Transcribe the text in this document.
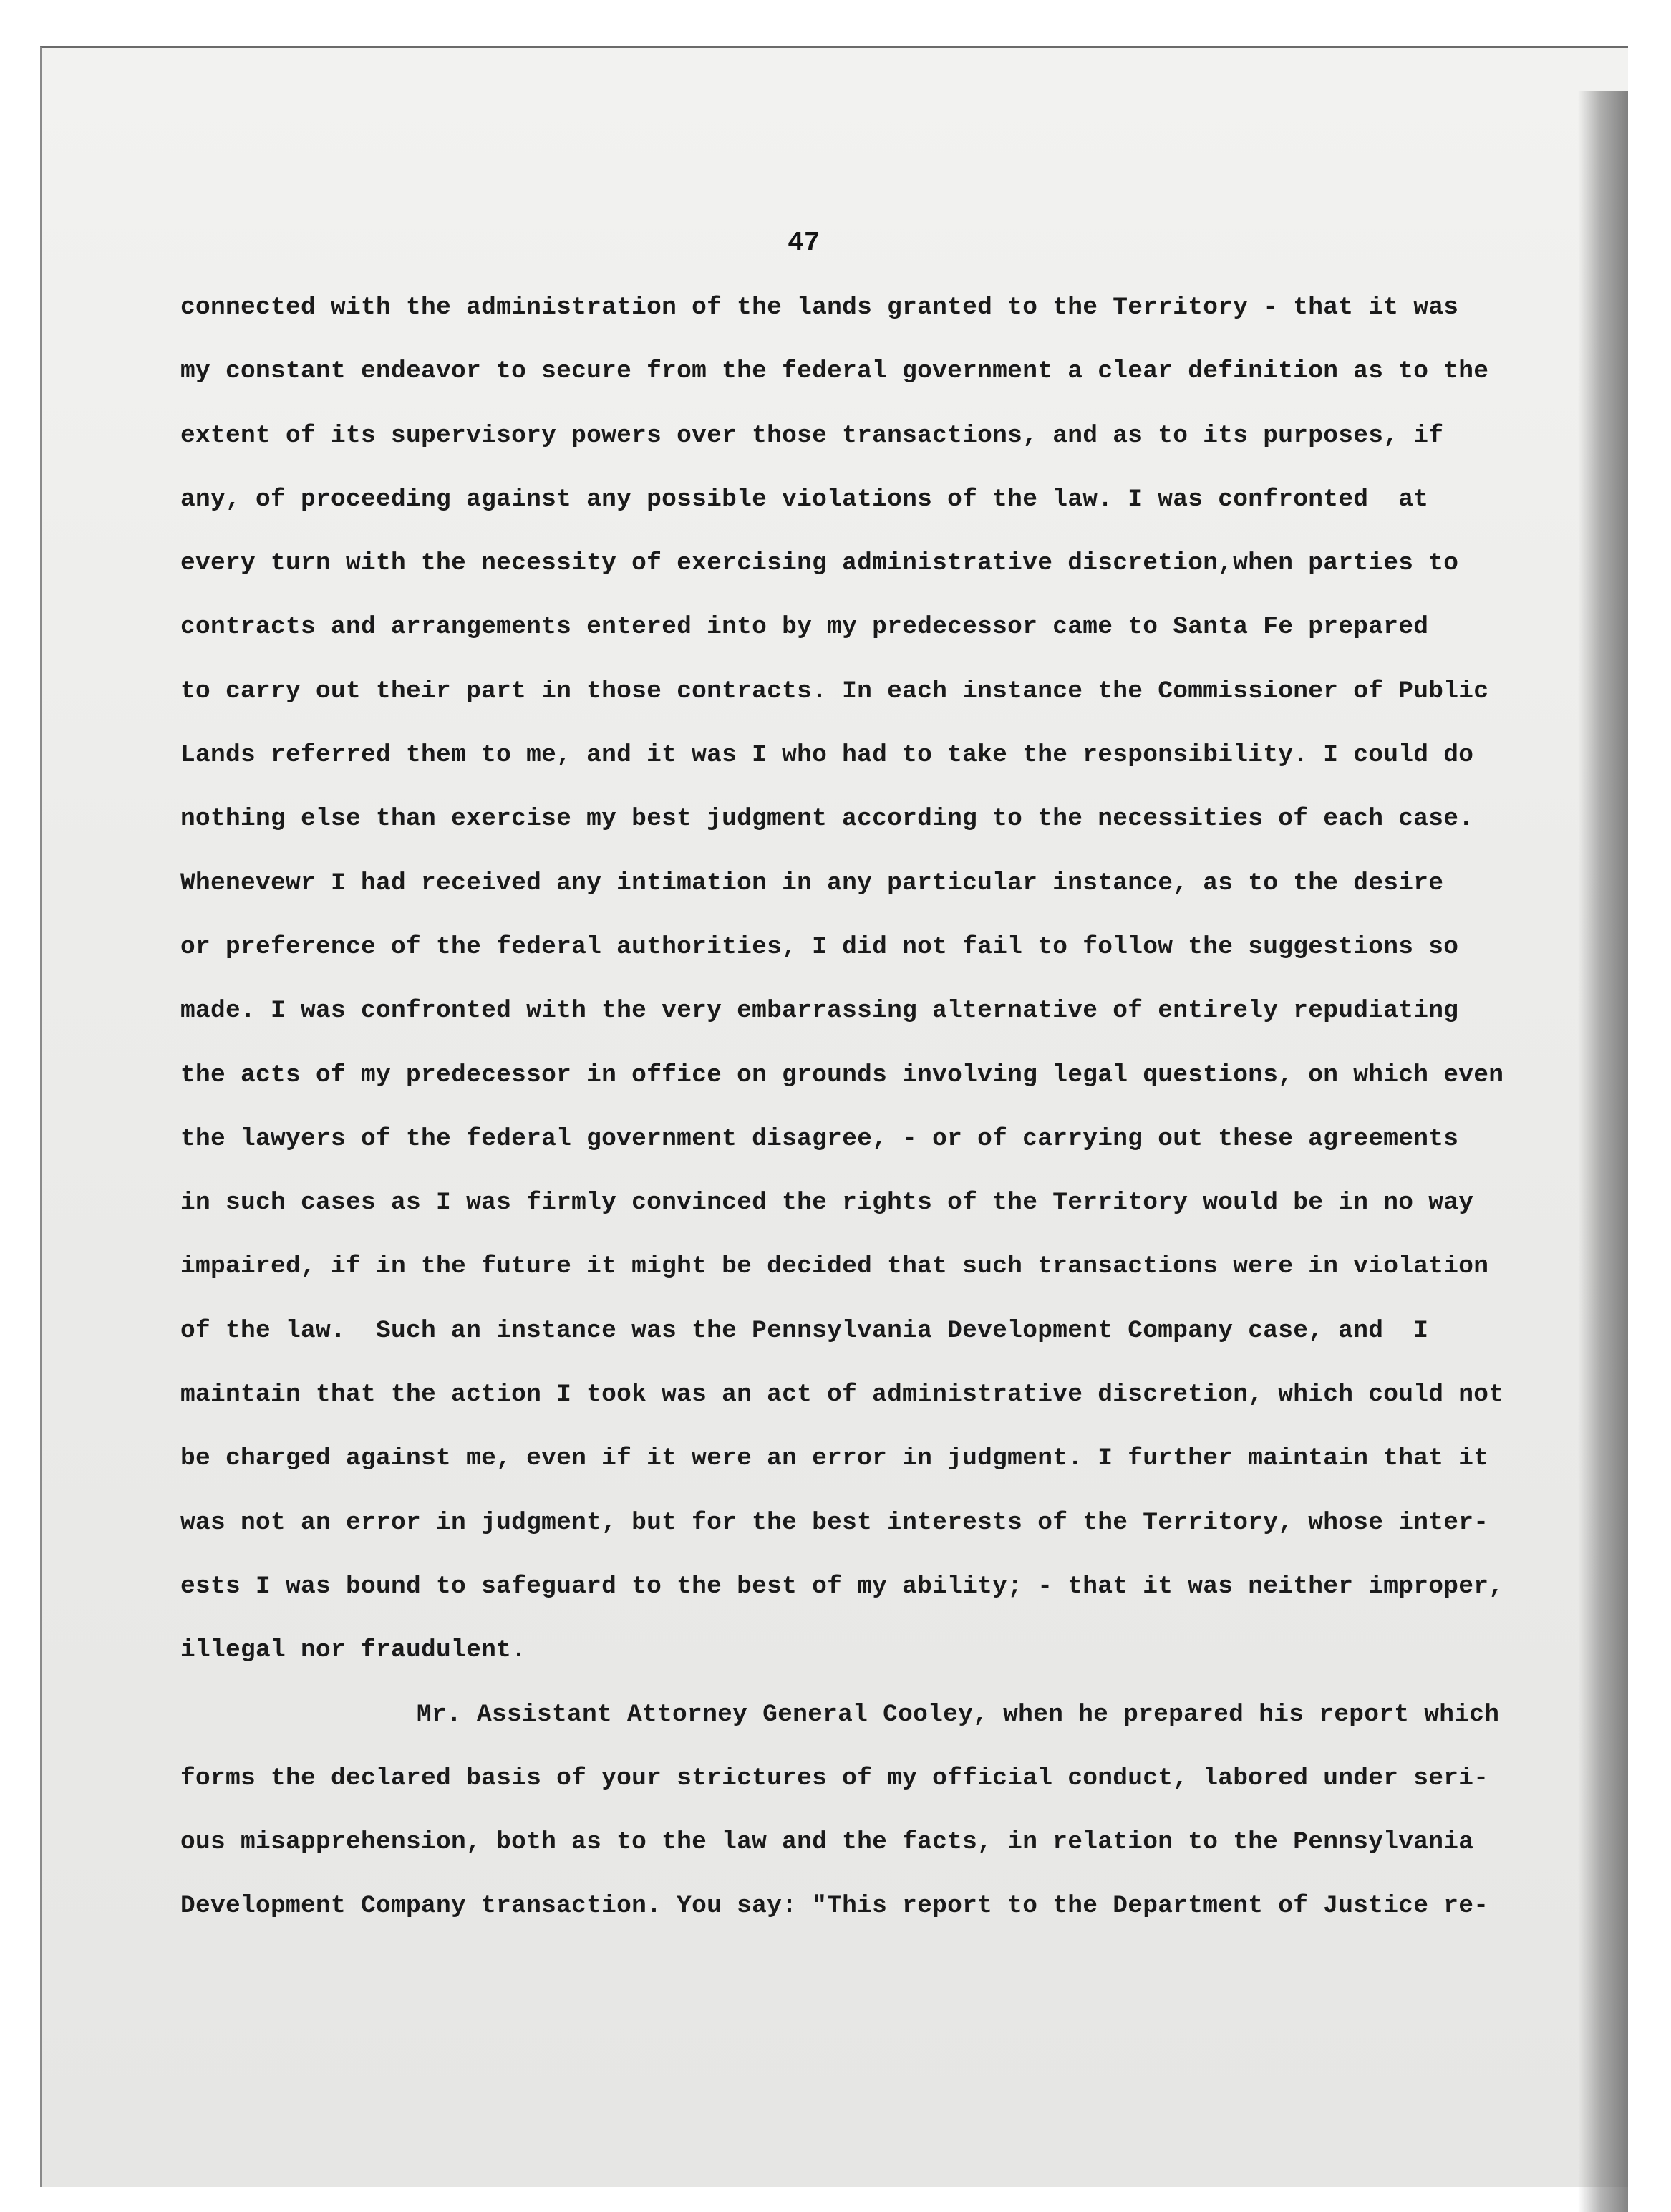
47
connected with the administration of the lands granted to the Territory - that it was
my constant endeavor to secure from the federal government a clear definition as to the
extent of its supervisory powers over those transactions, and as to its purposes, if
any, of proceeding against any possible violations of the law. I was confronted  at
every turn with the necessity of exercising administrative discretion,when parties to
contracts and arrangements entered into by my predecessor came to Santa Fe prepared
to carry out their part in those contracts. In each instance the Commissioner of Public
Lands referred them to me, and it was I who had to take the responsibility. I could do
nothing else than exercise my best judgment according to the necessities of each case.
Whenevewr I had received any intimation in any particular instance, as to the desire
or preference of the federal authorities, I did not fail to follow the suggestions so
made. I was confronted with the very embarrassing alternative of entirely repudiating
the acts of my predecessor in office on grounds involving legal questions, on which even
the lawyers of the federal government disagree, - or of carrying out these agreements
in such cases as I was firmly convinced the rights of the Territory would be in no way
impaired, if in the future it might be decided that such transactions were in violation
of the law.  Such an instance was the Pennsylvania Development Company case, and  I
maintain that the action I took was an act of administrative discretion, which could not
be charged against me, even if it were an error in judgment. I further maintain that it
was not an error in judgment, but for the best interests of the Territory, whose inter-
ests I was bound to safeguard to the best of my ability; - that it was neither improper,
illegal nor fraudulent.
Mr. Assistant Attorney General Cooley, when he prepared his report which
forms the declared basis of your strictures of my official conduct, labored under seri-
ous misapprehension, both as to the law and the facts, in relation to the Pennsylvania
Development Company transaction. You say: "This report to the Department of Justice re-
